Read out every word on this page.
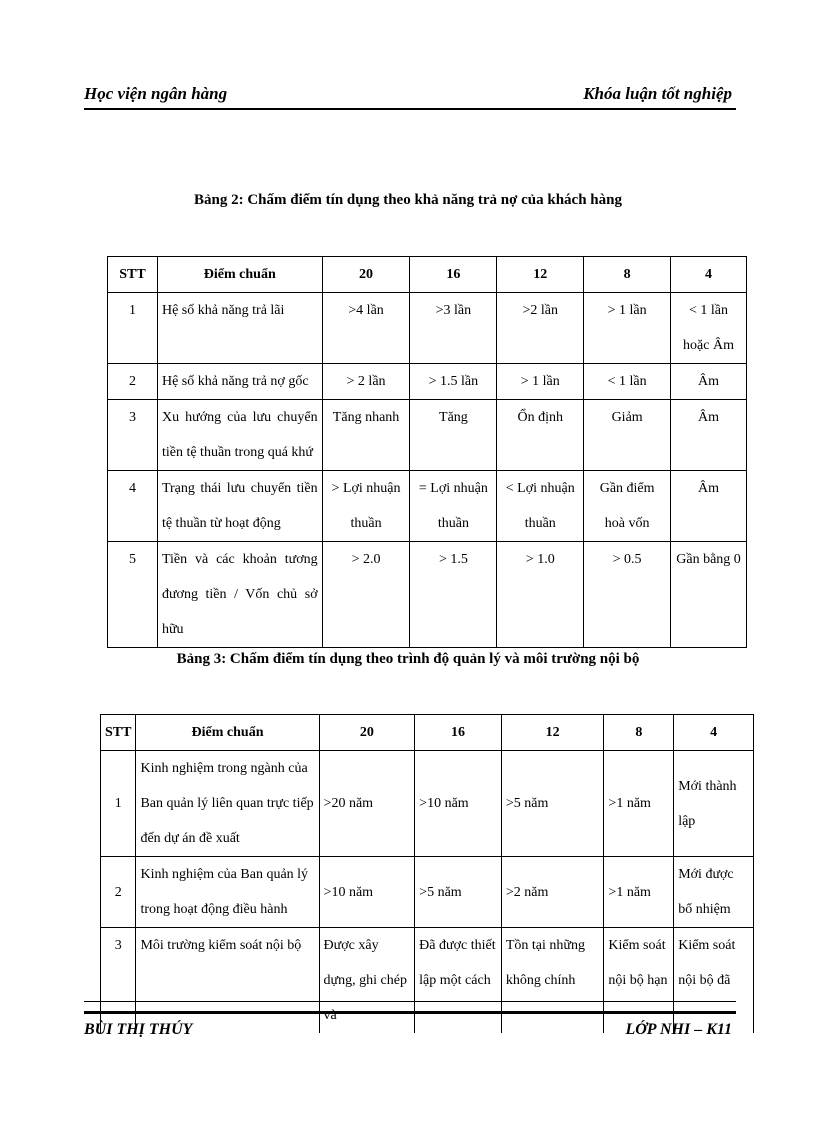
Học viện ngân hàng	Khóa luận tốt nghiệp
Bảng 2: Chấm điểm tín dụng theo khả năng trả nợ của khách hàng
STT	Điểm chuẩn	20	16	12	8	4
1	Hệ số khả năng trả lãi	>4 lần	>3 lần	>2 lần	> 1 lần	< 1 lần hoặc Âm
2	Hệ số khả năng trả nợ gốc	> 2 lần	> 1.5 lần	> 1 lần	< 1 lần	Âm
3	Xu hướng của lưu chuyển tiền tệ thuần trong quá khứ	Tăng nhanh	Tăng	Ổn định	Giảm	Âm
4	Trạng thái lưu chuyển tiền tệ thuần từ hoạt động	> Lợi nhuận thuần	= Lợi nhuận thuần	< Lợi nhuận thuần	Gần điểm hoà vốn	Âm
5	Tiền và các khoản tương đương tiền / Vốn chủ sở hữu	> 2.0	> 1.5	> 1.0	> 0.5	Gần bằng 0
Bảng 3: Chấm điểm tín dụng theo trình độ quản lý và môi trường nội bộ
STT	Điểm chuẩn	20	16	12	8	4
1	Kinh nghiệm trong ngành của Ban quản lý liên quan trực tiếp đến dự án đề xuất	>20 năm	>10 năm	>5 năm	>1 năm	Mới thành lập
2	Kinh nghiệm của Ban quản lý trong hoạt động điều hành	>10 năm	>5 năm	>2 năm	>1 năm	Mới được bổ nhiệm
3	Môi trường kiểm soát nội bộ	Được xây dựng, ghi chép và	Đã được thiết lập một cách	Tồn tại những không chính	Kiểm soát nội bộ hạn	Kiểm soát nội bộ đã
BÙI THỊ THÚY	LỚP NHI – K11
